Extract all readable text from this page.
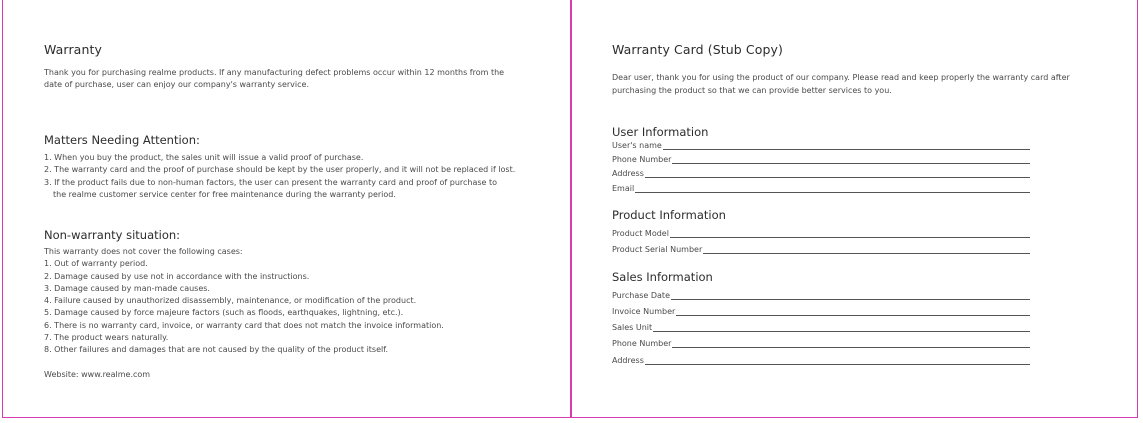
Warranty
Thank you for purchasing realme products. If any manufacturing defect problems occur within 12 months from the
date of purchase, user can enjoy our company's warranty service.
Matters Needing Attention:
1. When you buy the product, the sales unit will issue a valid proof of purchase.
2. The warranty card and the proof of purchase should be kept by the user properly, and it will not be replaced if lost.
3. If the product fails due to non-human factors, the user can present the warranty card and proof of purchase to
the realme customer service center for free maintenance during the warranty period.
Non-warranty situation:
This warranty does not cover the following cases:
1. Out of warranty period.
2. Damage caused by use not in accordance with the instructions.
3. Damage caused by man-made causes.
4. Failure caused by unauthorized disassembly, maintenance, or modification of the product.
5. Damage caused by force majeure factors (such as floods, earthquakes, lightning, etc.).
6. There is no warranty card, invoice, or warranty card that does not match the invoice information.
7. The product wears naturally.
8. Other failures and damages that are not caused by the quality of the product itself.
Website: www.realme.com
Warranty Card (Stub Copy)
Dear user, thank you for using the product of our company. Please read and keep properly the warranty card after
purchasing the product so that we can provide better services to you.
User Information
User's name
Phone Number
Address
Email
Product Information
Product Model
Product Serial Number
Sales Information
Purchase Date
Invoice Number
Sales Unit
Phone Number
Address
